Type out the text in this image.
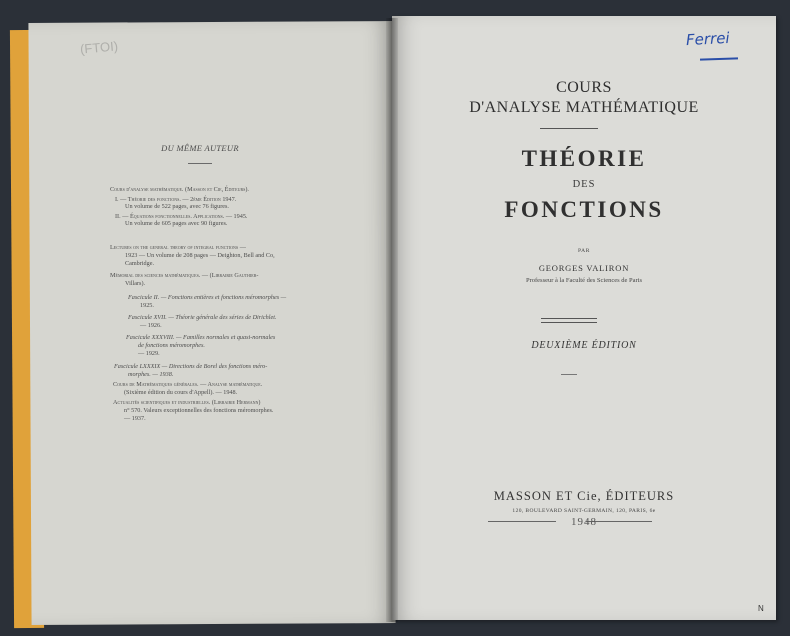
(FTOI)
DU MÊME AUTEUR
Cours d'analyse mathématique. (Masson et Cie, Éditeurs).
I. — Théorie des fonctions. — 2ème Édition 1947.
Un volume de 522 pages, avec 76 figures.
II. — Équations fonctionnelles. Applications. — 1945.
Un volume de 605 pages avec 90 figures.
Lectures on the general theory of integral functions —
1923 — Un volume de 208 pages — Deighton, Bell and Co,
Cambridge.
Mémorial des sciences mathématiques. — (Librairie Gauthier-
Villars).
Fascicule II. — Fonctions entières et fonctions méromorphes —
1925.
Fascicule XVII. — Théorie générale des séries de Dirichlet.
— 1926.
Fascicule XXXVIII. — Familles normales et quasi-normales
de fonctions méromorphes.
— 1929.
Fascicule LXXXIX — Directions de Borel des fonctions méro-
morphes. — 1938.
Cours de Mathématiques générales. — Analyse mathématique.
(Sixième édition du cours d'Appell). — 1948.
Actualités scientifiques et industrielles. (Librairie Hermann)
n° 570. Valeurs exceptionnelles des fonctions méromorphes.
— 1937.
Ferrei
COURS
D'ANALYSE MATHÉMATIQUE
THÉORIE
DES
FONCTIONS
PAR
GEORGES VALIRON
Professeur à la Faculté des Sciences de Paris
DEUXIÈME ÉDITION
MASSON ET Cie, ÉDITEURS
120, BOULEVARD SAINT-GERMAIN, 120, PARIS, 6e
1948
N
